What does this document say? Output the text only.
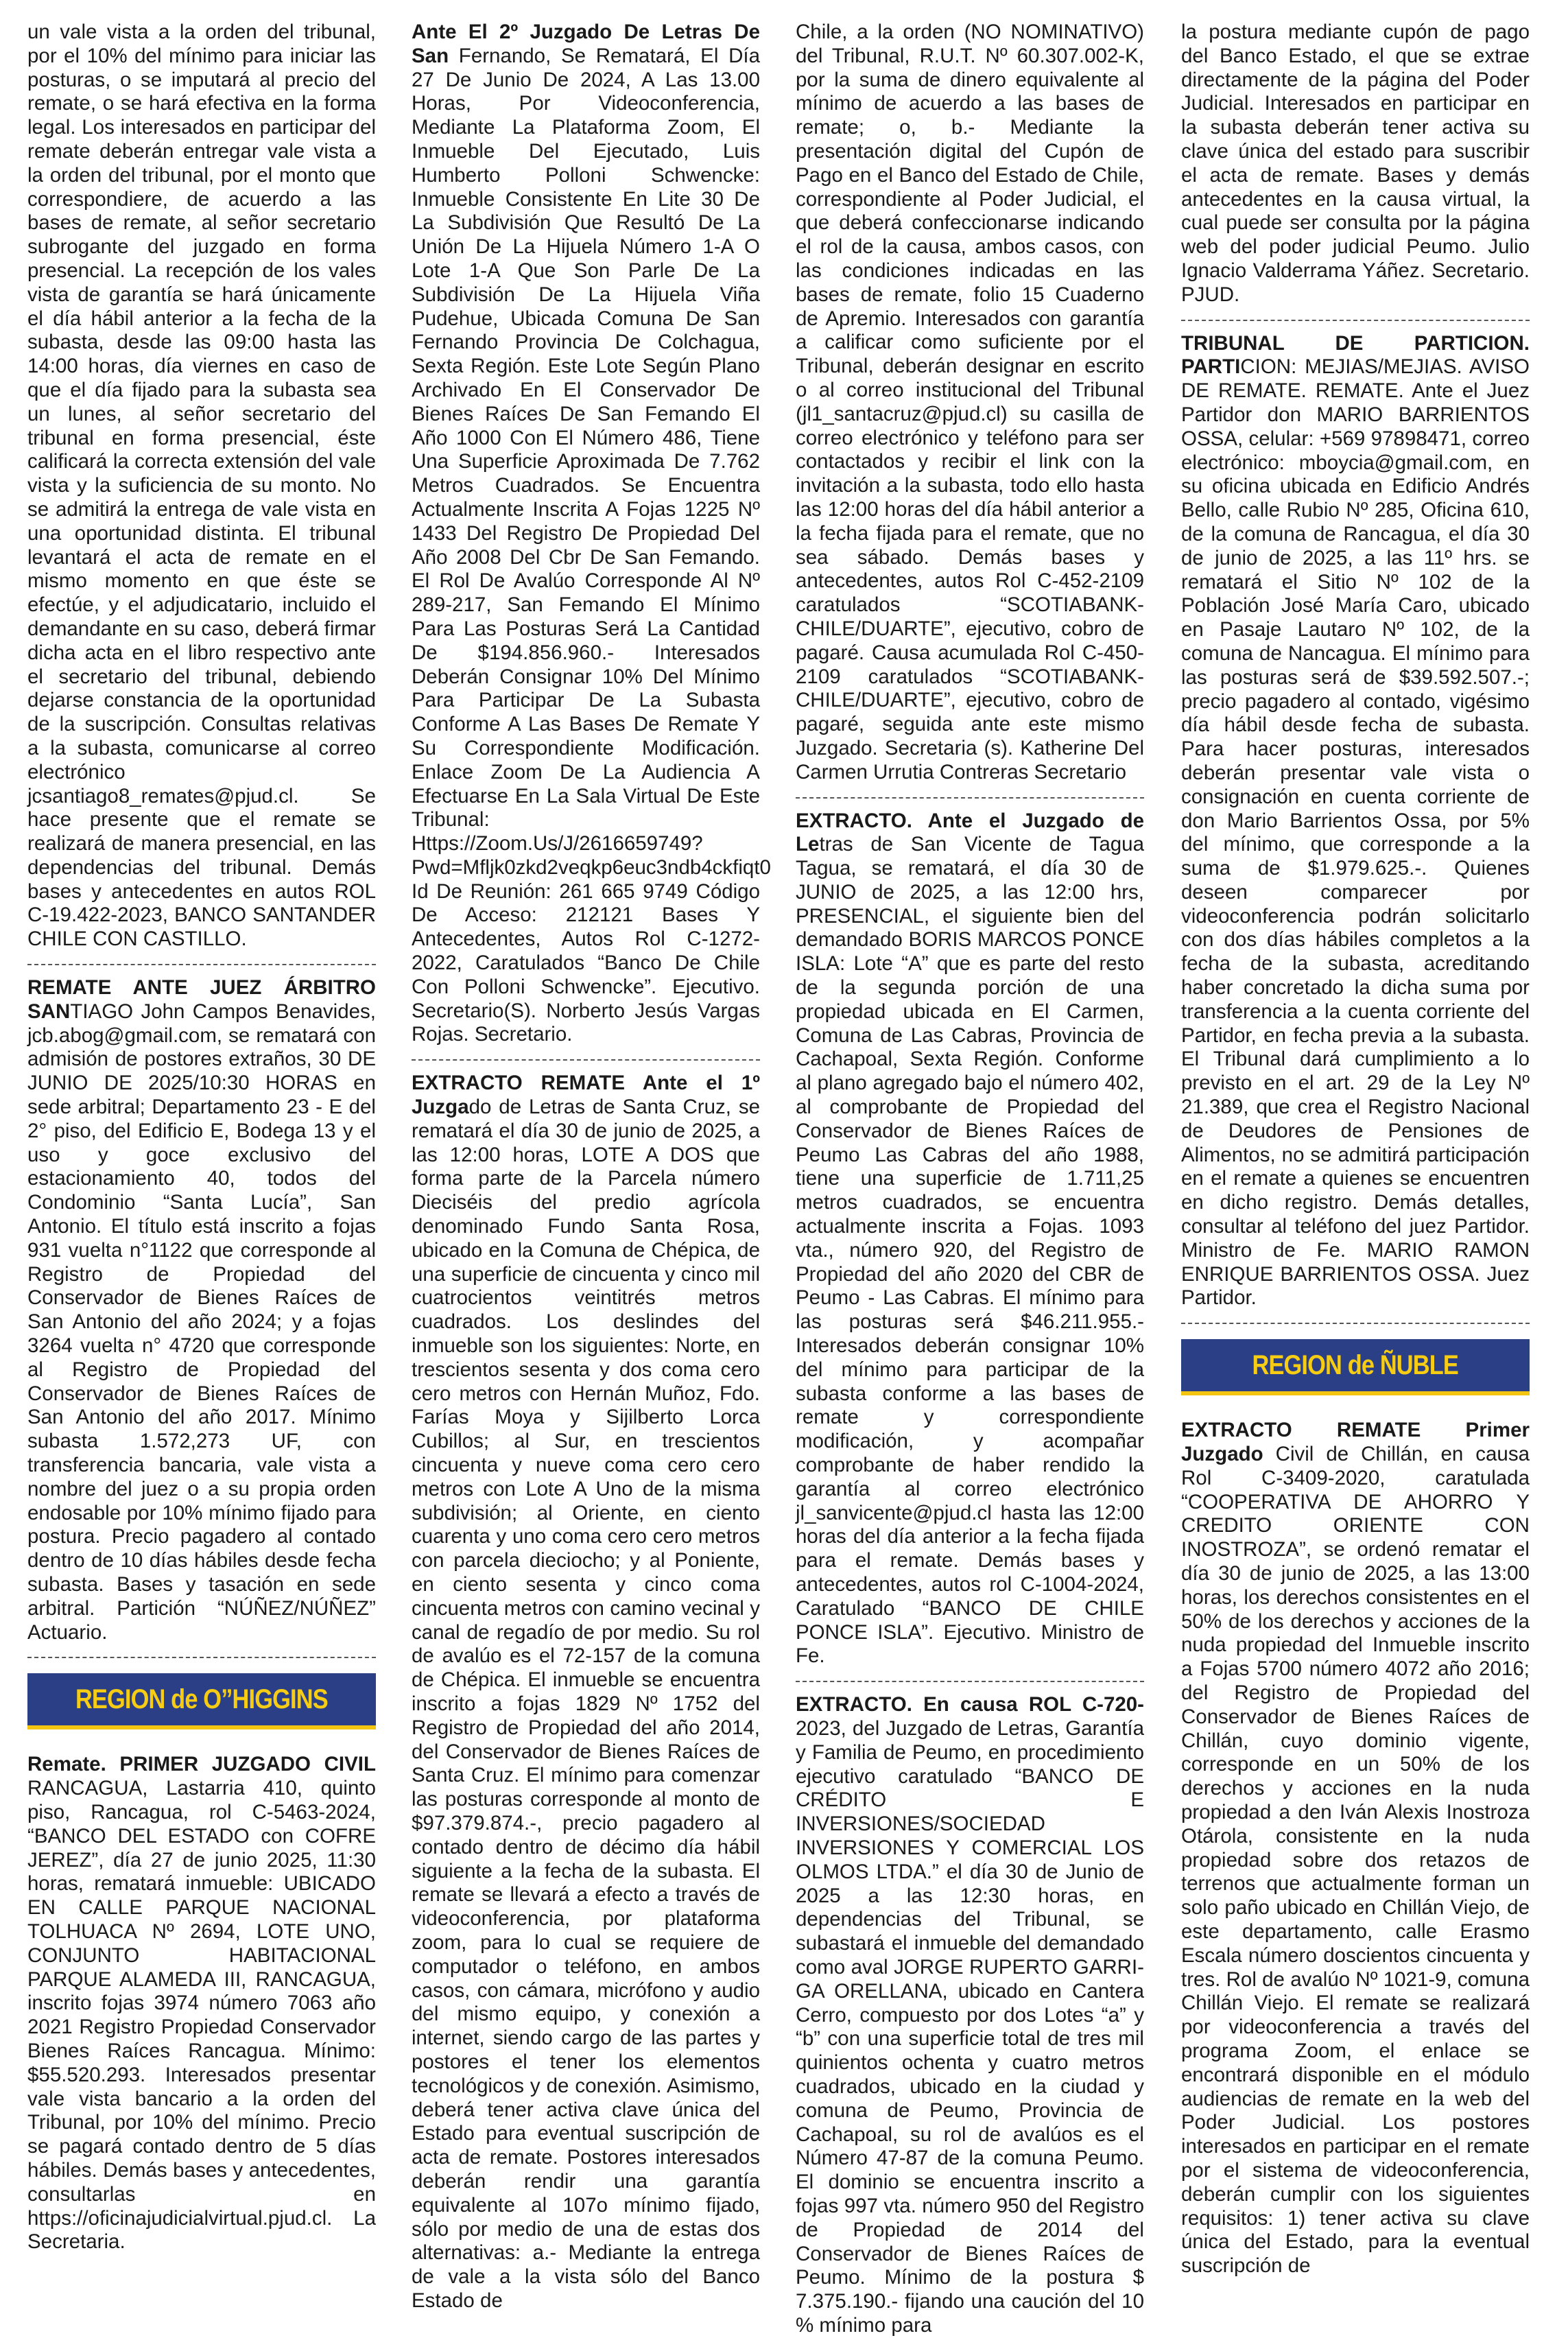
un vale vista a la orden del tribunal, por el 10% del mínimo para iniciar las posturas, o se imputará al precio del remate, o se hará efectiva en la forma legal. Los interesados en participar del remate deberán entregar vale vista a la orden del tribunal, por el monto que correspondiere, de acuerdo a las bases de remate, al señor secretario subrogante del juzgado en forma presencial. La recepción de los vales vista de garantía se hará únicamente el día hábil anterior a la fecha de la subasta, desde las 09:00 hasta las 14:00 horas, día viernes en caso de que el día fijado para la subasta sea un lunes, al señor secretario del tribunal en forma presencial, éste calificará la correcta extensión del vale vista y la suficiencia de su monto. No se admitirá la entrega de vale vista en una oportunidad distinta. El tribunal levantará el acta de remate en el mismo momento en que éste se efectúe, y el adjudicatario, incluido el demandante en su caso, deberá firmar dicha acta en el libro respectivo ante el secretario del tribunal, debiendo dejarse constancia de la oportunidad de la suscripción. Consultas relativas a la subasta, comunicarse al correo electrónico jcsantiago8_remates@pjud.cl. Se hace presente que el remate se realizará de manera presencial, en las dependencias del tribunal. Demás bases y antecedentes en autos ROL C-19.422-2023, BANCO SANTANDER CHILE CON CASTILLO.

REMATE ANTE JUEZ ÁRBITRO SANTIAGO John Campos Benavides, jcb.abog@gmail.com, se rematará con admisión de postores extraños, 30 DE JUNIO DE 2025/10:30 HORAS en sede arbitral; Departamento 23 - E del 2° piso, del Edificio E, Bodega 13 y el uso y goce exclusivo del estacionamiento 40, todos del Condominio “Santa Lucía”, San Antonio. El título está inscrito a fojas 931 vuelta n°1122 que corresponde al Registro de Propiedad del Conservador de Bienes Raíces de San Antonio del año 2024; y a fojas 3264 vuelta n° 4720 que corresponde al Registro de Propiedad del Conservador de Bienes Raíces de San Antonio del año 2017. Mínimo subasta 1.572,273 UF, con transferencia bancaria, vale vista a nombre del juez o a su propia orden endosable por 10% mínimo fijado para postura. Precio pagadero al contado dentro de 10 días hábiles desde fecha subasta. Bases y tasación en sede arbitral. Partición “NÚÑEZ/NÚÑEZ” Actuario.

REGION de O”HIGGINS

Remate. PRIMER JUZGADO CIVIL RANCAGUA, Lastarria 410, quinto piso, Rancagua, rol C-5463-2024, “BANCO DEL ESTADO con COFRE JEREZ”, día 27 de junio 2025, 11:30 horas, rematará inmueble: UBICADO EN CALLE PARQUE NACIONAL TOLHUACA Nº 2694, LOTE UNO, CONJUNTO HABITACIONAL PARQUE ALAMEDA III, RANCAGUA, inscrito fojas 3974 número 7063 año 2021 Registro Propiedad Conservador Bienes Raíces Rancagua. Mínimo: $55.520.293. Interesados presentar vale vista bancario a la orden del Tribunal, por 10% del mínimo. Precio se pagará contado dentro de 5 días hábiles. Demás bases y antecedentes, consultarlas en https://oficinajudicialvirtual.pjud.cl. La Secretaria.

Ante El 2º Juzgado De Letras De San Fernando, Se Rematará, El Día 27 De Junio De 2024, A Las 13.00 Horas, Por Videoconferencia, Mediante La Plataforma Zoom, El Inmueble Del Ejecutado, Luis Humberto Polloni Schwencke: Inmueble Consistente En Lite 30 De La Subdivisión Que Resultó De La Unión De La Hijuela Número 1-A O Lote 1-A Que Son Parle De La Subdivisión De La Hijuela Viña Pudehue, Ubicada Comuna De San Fernando Provincia De Colchagua, Sexta Región. Este Lote Según Plano Archivado En El Conservador De Bienes Raíces De San Femando El Año 1000 Con El Número 486, Tiene Una Superficie Aproximada De 7.762 Metros Cuadrados. Se Encuentra Actualmente Inscrita A Fojas 1225 Nº 1433 Del Registro De Propiedad Del Año 2008 Del Cbr De San Femando. El Rol De Avalúo Corresponde Al Nº 289-217, San Femando El Mínimo Para Las Posturas Será La Cantidad De $194.856.960.- Interesados Deberán Consignar 10% Del Mínimo Para Participar De La Subasta Conforme A Las Bases De Remate Y Su Correspondiente Modificación. Enlace Zoom De La Audiencia A Efectuarse En La Sala Virtual De Este Tribunal: Https://Zoom.Us/J/2616659749?Pwd=Mfljk0zkd2veqkp6euc3ndb4ckfiqt0 Id De Reunión: 261 665 9749 Código De Acceso: 212121 Bases Y Antecedentes, Autos Rol C-1272-2022, Caratulados “Banco De Chile Con Polloni Schwencke”. Ejecutivo. Secretario(S). Norberto Jesús Vargas Rojas. Secretario.

EXTRACTO REMATE Ante el 1º Juzgado de Letras de Santa Cruz, se rematará el día 30 de junio de 2025, a las 12:00 horas, LOTE A DOS que forma parte de la Parcela número Dieciséis del predio agrícola denominado Fundo Santa Rosa, ubicado en la Comuna de Chépica, de una superficie de cincuenta y cinco mil cuatrocientos veintitrés metros cuadrados. Los deslindes del inmueble son los siguientes: Norte, en trescientos sesenta y dos coma cero cero metros con Hernán Muñoz, Fdo. Farías Moya y Sijilberto Lorca Cubillos; al Sur, en trescientos cincuenta y nueve coma cero cero metros con Lote A Uno de la misma subdivisión; al Oriente, en ciento cuarenta y uno coma cero cero metros con parcela dieciocho; y al Poniente, en ciento sesenta y cinco coma cincuenta metros con camino vecinal y canal de regadío de por medio. Su rol de avalúo es el 72-157 de la comuna de Chépica. El inmueble se encuentra inscrito a fojas 1829 Nº 1752 del Registro de Propiedad del año 2014, del Conservador de Bienes Raíces de Santa Cruz. El mínimo para comenzar las posturas corresponde al monto de $97.379.874.-, precio pagadero al contado dentro de décimo día hábil siguiente a la fecha de la subasta. El remate se llevará a efecto a través de videoconferencia, por plataforma zoom, para lo cual se requiere de computador o teléfono, en ambos casos, con cámara, micrófono y audio del mismo equipo, y conexión a internet, siendo cargo de las partes y postores el tener los elementos tecnológicos y de conexión. Asimismo, deberá tener activa clave única del Estado para eventual suscripción de acta de remate. Postores interesados deberán rendir una garantía equivalente al 107o mínimo fijado, sólo por medio de una de estas dos alternativas: a.- Mediante la entrega de vale a la vista sólo del Banco Estado de

Chile, a la orden (NO NOMINATIVO) del Tribunal, R.U.T. Nº 60.307.002-K, por la suma de dinero equivalente al mínimo de acuerdo a las bases de remate; o, b.- Mediante la presentación digital del Cupón de Pago en el Banco del Estado de Chile, correspondiente al Poder Judicial, el que deberá confeccionarse indicando el rol de la causa, ambos casos, con las condiciones indicadas en las bases de remate, folio 15 Cuaderno de Apremio. Interesados con garantía a calificar como suficiente por el Tribunal, deberán designar en escrito o al correo institucional del Tribunal (jl1_santacruz@pjud.cl) su casilla de correo electrónico y teléfono para ser contactados y recibir el link con la invitación a la subasta, todo ello hasta las 12:00 horas del día hábil anterior a la fecha fijada para el remate, que no sea sábado. Demás bases y antecedentes, autos Rol C-452-2109 caratulados “SCOTIABANK-CHILE/DUARTE”, ejecutivo, cobro de pagaré. Causa acumulada Rol C-450-2109 caratulados “SCOTIABANK-CHILE/DUARTE”, ejecutivo, cobro de pagaré, seguida ante este mismo Juzgado. Secretaria (s). Katherine Del Carmen Urrutia Contreras Secretario

EXTRACTO. Ante el Juzgado de Letras de San Vicente de Tagua Tagua, se rematará, el día 30 de JUNIO de 2025, a las 12:00 hrs, PRESENCIAL, el siguiente bien del demandado BORIS MARCOS PONCE ISLA: Lote “A” que es parte del resto de la segunda porción de una propiedad ubicada en El Carmen, Comuna de Las Cabras, Provincia de Cachapoal, Sexta Región. Conforme al plano agregado bajo el número 402, al comprobante de Propiedad del Conservador de Bienes Raíces de Peumo Las Cabras del año 1988, tiene una superficie de 1.711,25 metros cuadrados, se encuentra actualmente inscrita a Fojas. 1093 vta., número 920, del Registro de Propiedad del año 2020 del CBR de Peumo - Las Cabras. El mínimo para las posturas será $46.211.955.- Interesados deberán consignar 10% del mínimo para participar de la subasta conforme a las bases de remate y correspondiente modificación, y acompañar comprobante de haber rendido la garantía al correo electrónico jl_sanvicente@pjud.cl hasta las 12:00 horas del día anterior a la fecha fijada para el remate. Demás bases y antecedentes, autos rol C-1004-2024, Caratulado “BANCO DE CHILE PONCE ISLA”. Ejecutivo. Ministro de Fe.

EXTRACTO. En causa ROL C-720-2023, del Juzgado de Letras, Garantía y Familia de Peumo, en procedimiento ejecutivo caratulado “BANCO DE CRÉDITO E INVERSIONES/SOCIEDAD INVERSIONES Y COMERCIAL LOS OLMOS LTDA.” el día 30 de Junio de 2025 a las 12:30 horas, en dependencias del Tribunal, se subastará el inmueble del demandado como aval JORGE RUPERTO GARRI-GA ORELLANA, ubicado en Cantera Cerro, compuesto por dos Lotes “a” y “b” con una superficie total de tres mil quinientos ochenta y cuatro metros cuadrados, ubicado en la ciudad y comuna de Peumo, Provincia de Cachapoal, su rol de avalúos es el Número 47-87 de la comuna Peumo. El dominio se encuentra inscrito a fojas 997 vta. número 950 del Registro de Propiedad de 2014 del Conservador de Bienes Raíces de Peumo. Mínimo de la postura $ 7.375.190.- fijando una caución del 10 % mínimo para

la postura mediante cupón de pago del Banco Estado, el que se extrae directamente de la página del Poder Judicial. Interesados en participar en la subasta deberán tener activa su clave única del estado para suscribir el acta de remate. Bases y demás antecedentes en la causa virtual, la cual puede ser consulta por la página web del poder judicial Peumo. Julio Ignacio Valderrama Yáñez. Secretario. PJUD.

TRIBUNAL DE PARTICION. PARTICION: MEJIAS/MEJIAS. AVISO DE REMATE. REMATE. Ante el Juez Partidor don MARIO BARRIENTOS OSSA, celular: +569 97898471, correo electrónico: mboycia@gmail.com, en su oficina ubicada en Edificio Andrés Bello, calle Rubio Nº 285, Oficina 610, de la comuna de Rancagua, el día 30 de junio de 2025, a las 11º hrs. se rematará el Sitio Nº 102 de la Población José María Caro, ubicado en Pasaje Lautaro Nº 102, de la comuna de Nancagua. El mínimo para las posturas será de $39.592.507.-; precio pagadero al contado, vigésimo día hábil desde fecha de subasta. Para hacer posturas, interesados deberán presentar vale vista o consignación en cuenta corriente de don Mario Barrientos Ossa, por 5% del mínimo, que corresponde a la suma de $1.979.625.-. Quienes deseen comparecer por videoconferencia podrán solicitarlo con dos días hábiles completos a la fecha de la subasta, acreditando haber concretado la dicha suma por transferencia a la cuenta corriente del Partidor, en fecha previa a la subasta. El Tribunal dará cumplimiento a lo previsto en el art. 29 de la Ley Nº 21.389, que crea el Registro Nacional de Deudores de Pensiones de Alimentos, no se admitirá participación en el remate a quienes se encuentren en dicho registro. Demás detalles, consultar al teléfono del juez Partidor. Ministro de Fe. MARIO RAMON ENRIQUE BARRIENTOS OSSA. Juez Partidor.

REGION de ÑUBLE

EXTRACTO REMATE Primer Juzgado Civil de Chillán, en causa Rol C-3409-2020, caratulada “COOPERATIVA DE AHORRO Y CREDITO ORIENTE CON INOSTROZA”, se ordenó rematar el día 30 de junio de 2025, a las 13:00 horas, los derechos consistentes en el 50% de los derechos y acciones de la nuda propiedad del Inmueble inscrito a Fojas 5700 número 4072 año 2016; del Registro de Propiedad del Conservador de Bienes Raíces de Chillán, cuyo dominio vigente, corresponde en un 50% de los derechos y acciones en la nuda propiedad a den Iván Alexis Inostroza Otárola, consistente en la nuda propiedad sobre dos retazos de terrenos que actualmente forman un solo paño ubicado en Chillán Viejo, de este departamento, calle Erasmo Escala número doscientos cincuenta y tres. Rol de avalúo Nº 1021-9, comuna Chillán Viejo. El remate se realizará por videoconferencia a través del programa Zoom, el enlace se encontrará disponible en el módulo audiencias de remate en la web del Poder Judicial. Los postores interesados en participar en el remate por el sistema de videoconferencia, deberán cumplir con los siguientes requisitos: 1) tener activa su clave única del Estado, para la eventual suscripción de
